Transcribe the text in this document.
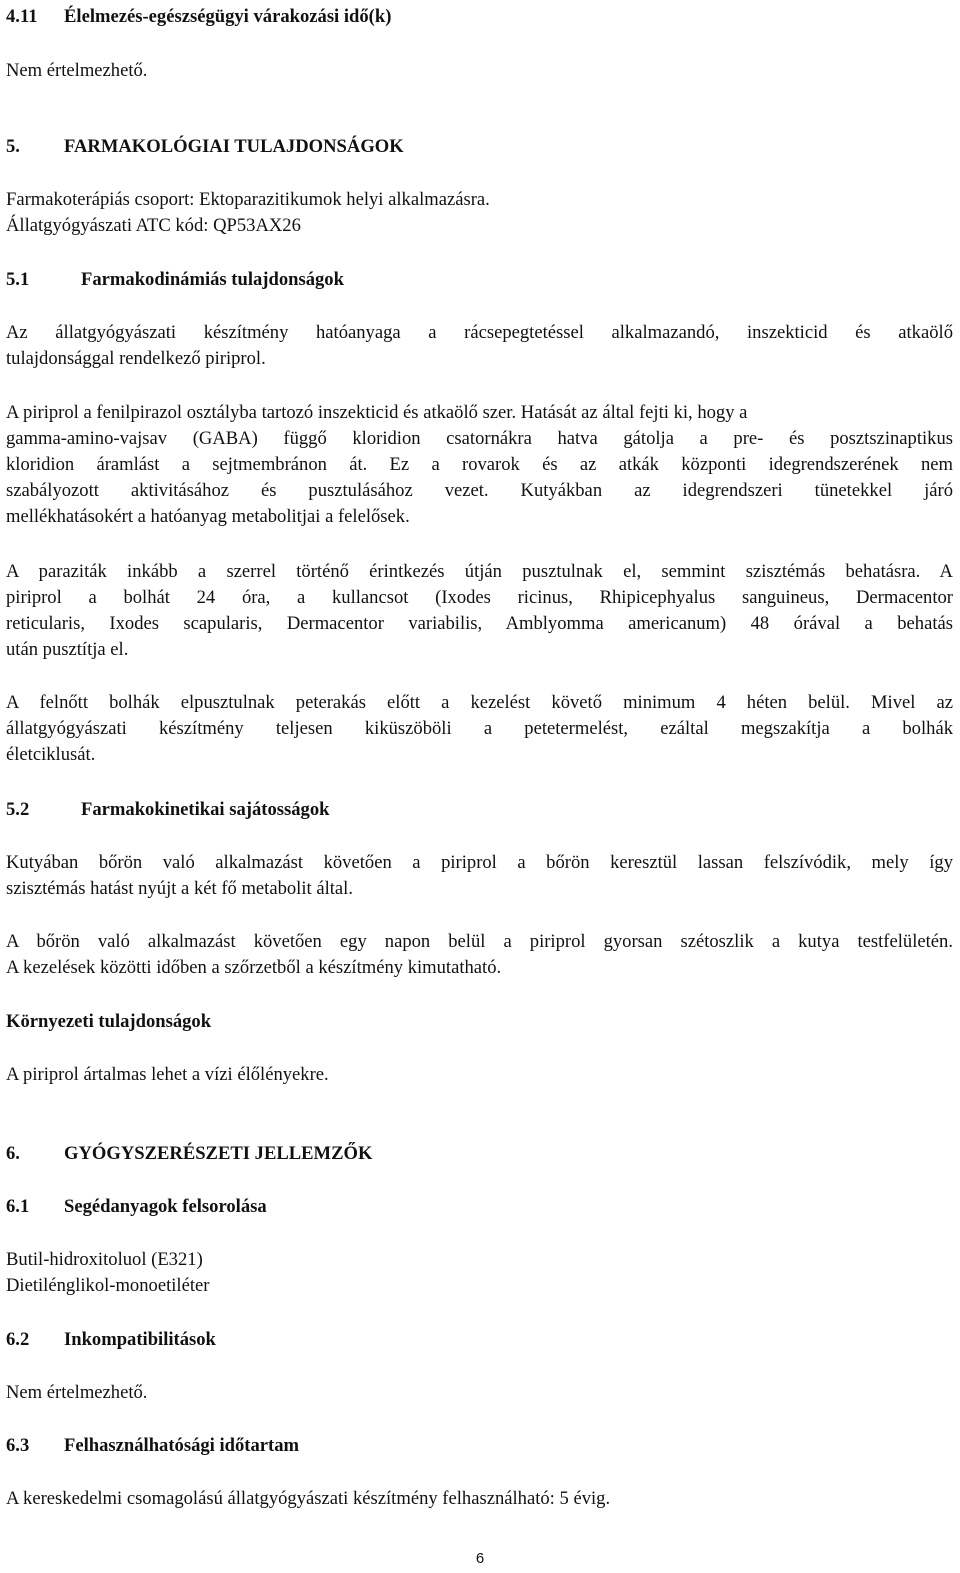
4.11 Élelmezés-egészségügyi várakozási idő(k)
Nem értelmezhető.
5. FARMAKOLÓGIAI TULAJDONSÁGOK
Farmakoterápiás csoport: Ektoparazitikumok helyi alkalmazásra.
Állatgyógyászati ATC kód: QP53AX26
5.1	Farmakodinámiás tulajdonságok
Az állatgyógyászati készítmény hatóanyaga a rácsepegtetéssel alkalmazandó, inszekticid és atkaölő
tulajdonsággal rendelkező piriprol.
A piriprol a fenilpirazol osztályba tartozó inszekticid és atkaölő szer. Hatását az által fejti ki, hogy a
gamma-amino-vajsav (GABA) függő kloridion csatornákra hatva gátolja a pre- és posztszinaptikus
kloridion áramlást a sejtmembránon át. Ez a rovarok és az atkák központi idegrendszerének nem
szabályozott aktivitásához és pusztulásához vezet. Kutyákban az idegrendszeri tünetekkel járó
mellékhatásokért a hatóanyag metabolitjai a felelősek.
A paraziták inkább a szerrel történő érintkezés útján pusztulnak el, semmint szisztémás behatásra. A
piriprol a bolhát 24 óra, a kullancsot (Ixodes ricinus, Rhipicephyalus sanguineus, Dermacentor
reticularis, Ixodes scapularis, Dermacentor variabilis, Amblyomma americanum) 48 órával a behatás
után pusztítja el.
A felnőtt bolhák elpusztulnak peterakás előtt a kezelést követő minimum 4 héten belül. Mivel az
állatgyógyászati készítmény teljesen kiküszöböli a petetermelést, ezáltal megszakítja a bolhák
életciklusát.
5.2	Farmakokinetikai sajátosságok
Kutyában bőrön való alkalmazást követően a piriprol a bőrön keresztül lassan felszívódik, mely így
szisztémás hatást nyújt a két fő metabolit által.
A bőrön való alkalmazást követően egy napon belül a piriprol gyorsan szétoszlik a kutya testfelületén.
A kezelések közötti időben a szőrzetből a készítmény kimutatható.
Környezeti tulajdonságok
A piriprol ártalmas lehet a vízi élőlényekre.
6. GYÓGYSZERÉSZETI JELLEMZŐK
6.1 Segédanyagok felsorolása
Butil-hidroxitoluol (E321)
Dietilénglikol-monoetiléter
6.2 Inkompatibilitások
Nem értelmezhető.
6.3 Felhasználhatósági időtartam
A kereskedelmi csomagolású állatgyógyászati készítmény felhasználható: 5 évig.
6
